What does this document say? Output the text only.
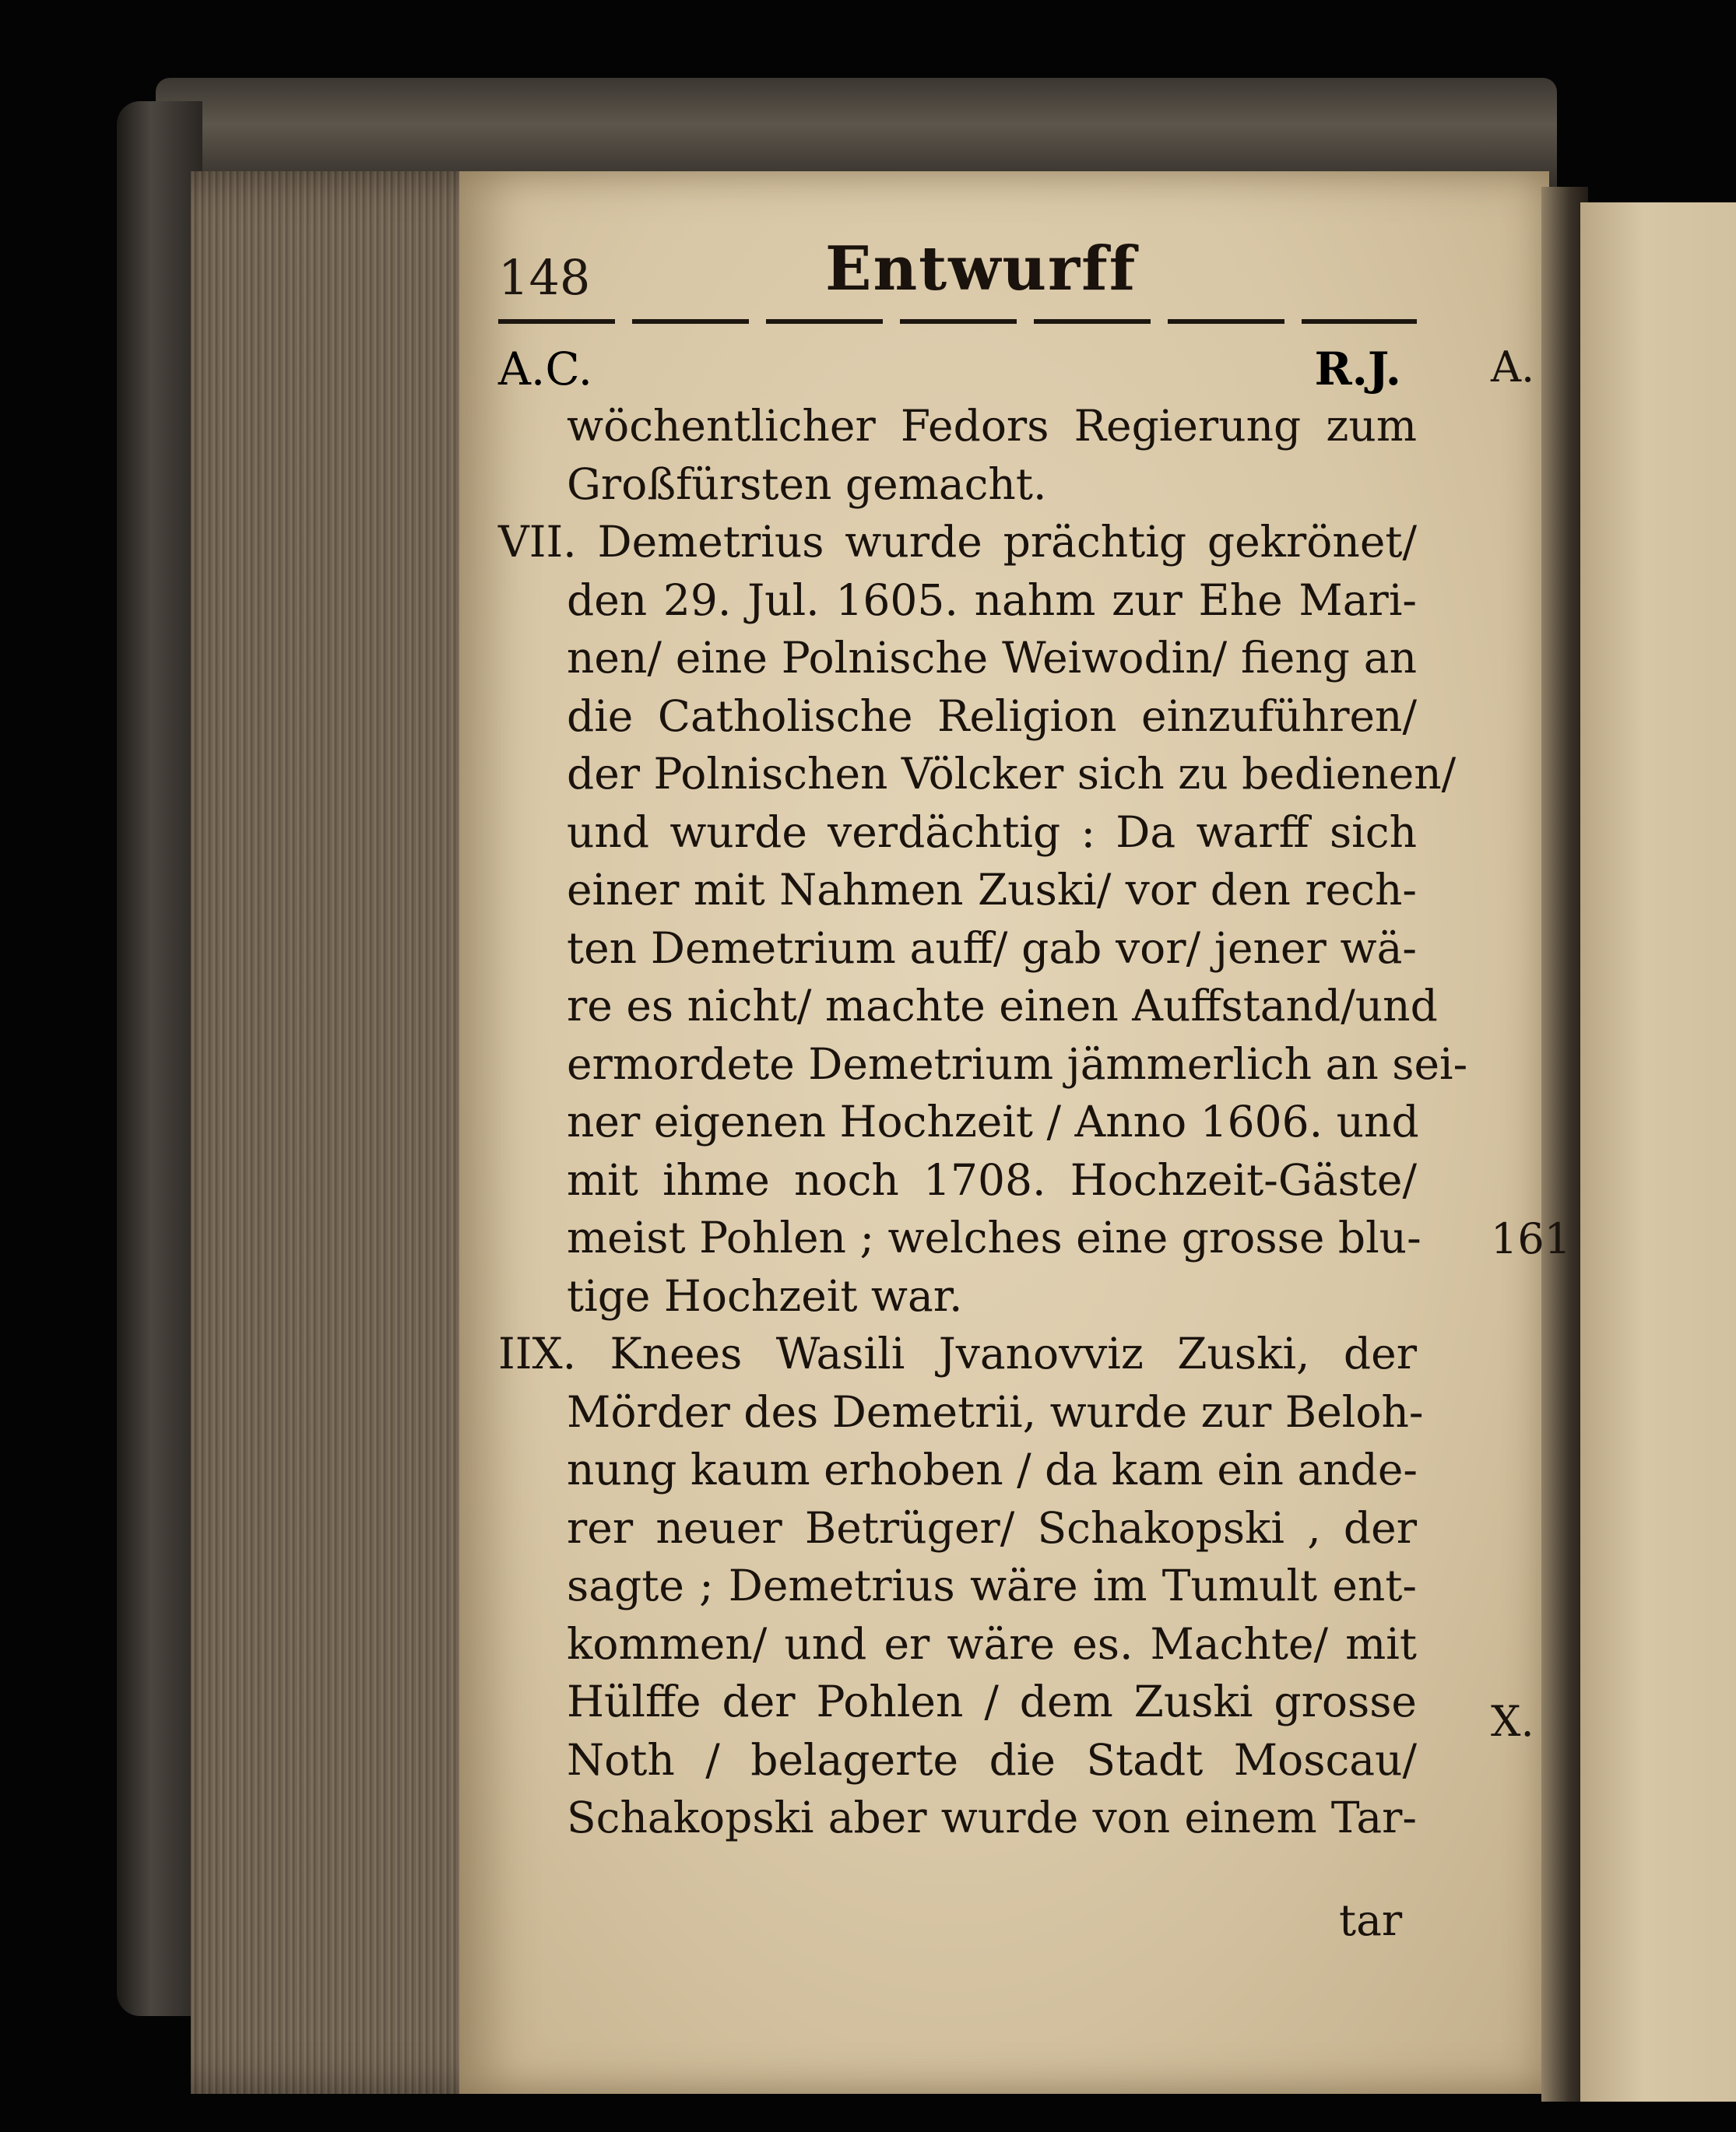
148	Entwurff
A.C.	R.J.
wöchentlicher Fedors Regierung zum
Großfürsten gemacht.
VII. Demetrius wurde prächtig gekrönet/
den 29. Jul. 1605. nahm zur Ehe Mari-
nen/ eine Polnische Weiwodin/ fieng an
die Catholische Religion einzuführen/
der Polnischen Völcker sich zu bedienen/
und wurde verdächtig : Da warff sich
einer mit Nahmen Zuski/ vor den rech-
ten Demetrium auff/ gab vor/ jener wä-
re es nicht/ machte einen Auffstand/und
ermordete Demetrium jämmerlich an sei-
ner eigenen Hochzeit / Anno 1606. und
mit ihme noch 1708. Hochzeit-Gäste/
meist Pohlen ; welches eine grosse blu-
tige Hochzeit war.
IIX. Knees Wasili Jvanovviz Zuski, der
Mörder des Demetrii, wurde zur Beloh-
nung kaum erhoben / da kam ein ande-
rer neuer Betrüger/ Schakopski , der
sagte ; Demetrius wäre im Tumult ent-
kommen/ und er wäre es. Machte/ mit
Hülffe der Pohlen / dem Zuski grosse
Noth / belagerte die Stadt Moscau/
Schakopski aber wurde von einem Tar-
tar
A.
161
X.
